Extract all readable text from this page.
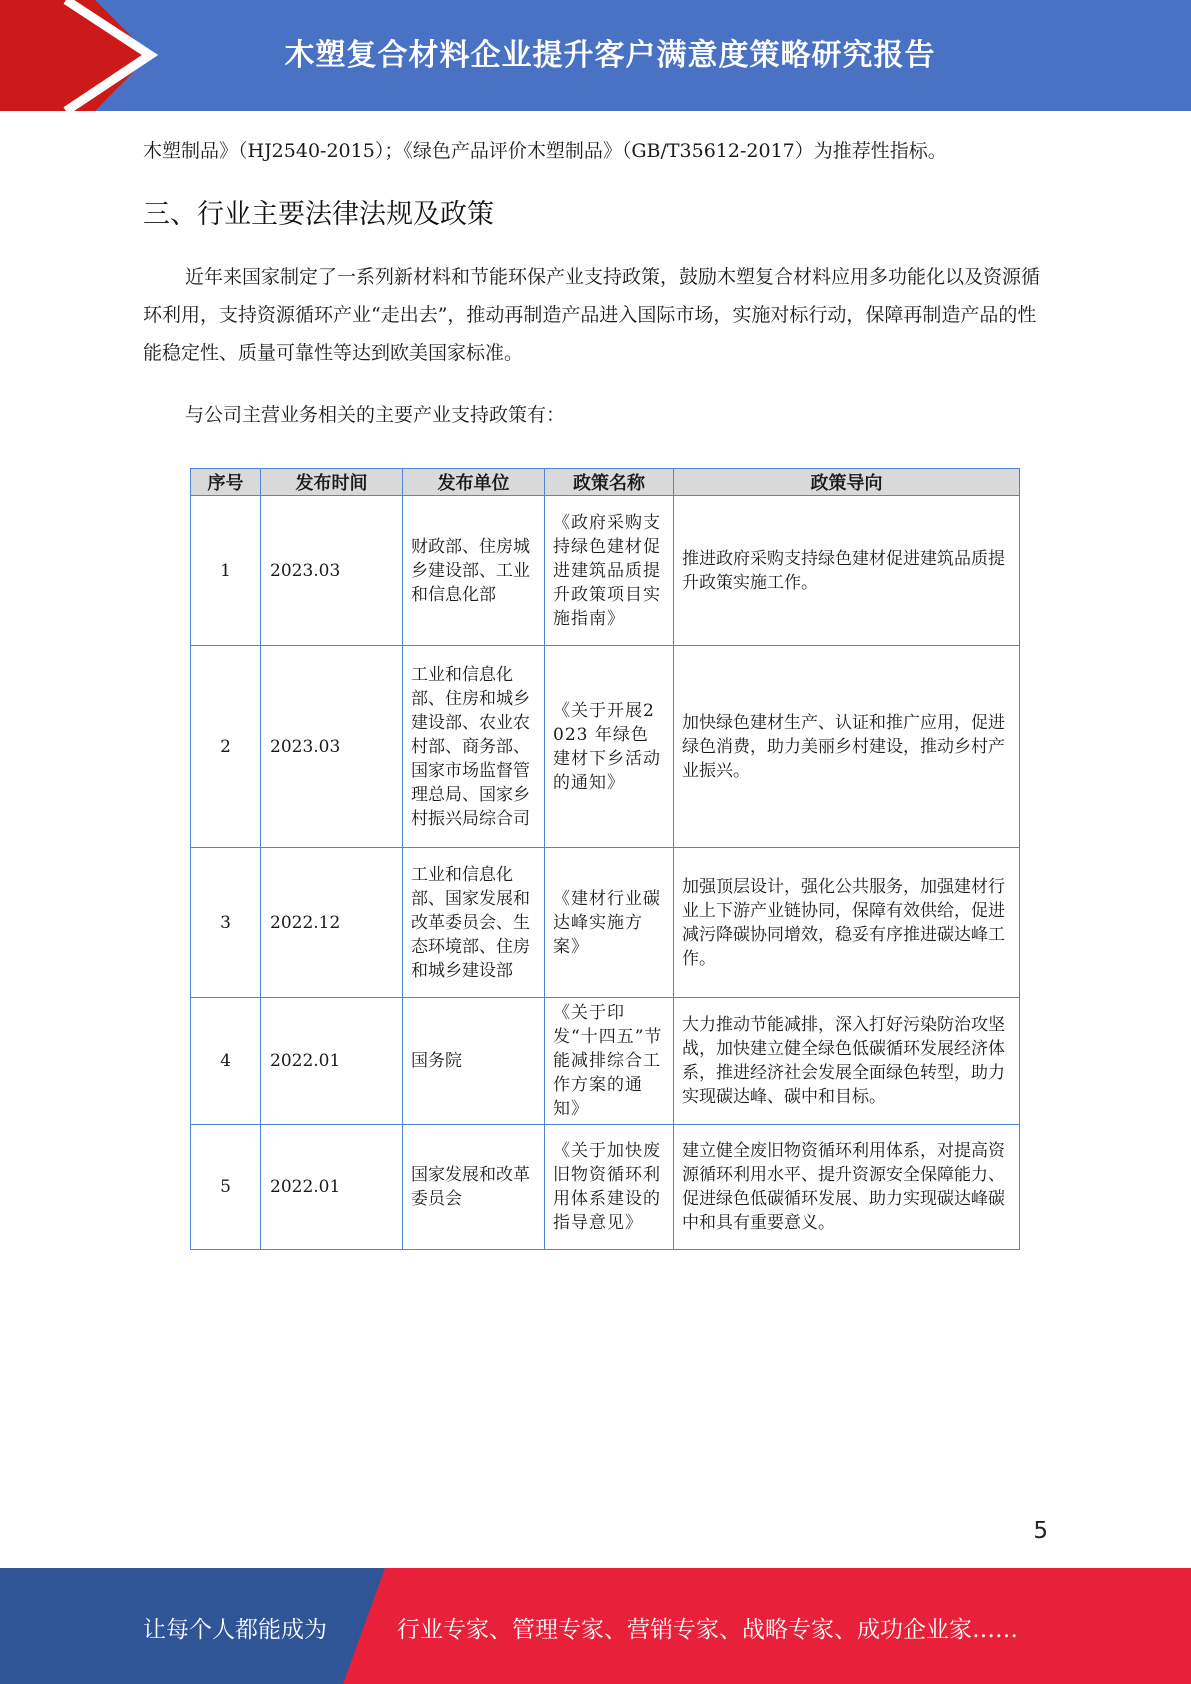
木塑复合材料企业提升客户满意度策略研究报告
木塑制品》（HJ2540-2015）；《绿色产品评价木塑制品》（GB/T35612-2017）为推荐性指标。
三、行业主要法律法规及政策
近年来国家制定了一系列新材料和节能环保产业支持政策，鼓励木塑复合材料应用多功能化以及资源循环利用，支持资源循环产业“走出去”，推动再制造产品进入国际市场，实施对标行动，保障再制造产品的性能稳定性、质量可靠性等达到欧美国家标准。
与公司主营业务相关的主要产业支持政策有：
序号	发布时间	发布单位	政策名称	政策导向
1	2023.03	财政部、住房城乡建设部、工业和信息化部	《政府采购支持绿色建材促进建筑品质提升政策项目实施指南》	推进政府采购支持绿色建材促进建筑品质提升政策实施工作。
2	2023.03	工业和信息化部、住房和城乡建设部、农业农村部、商务部、国家市场监督管理总局、国家乡村振兴局综合司	《关于开展2023 年绿色建材下乡活动的通知》	加快绿色建材生产、认证和推广应用，促进绿色消费，助力美丽乡村建设，推动乡村产业振兴。
3	2022.12	工业和信息化部、国家发展和改革委员会、生态环境部、住房和城乡建设部	《建材行业碳达峰实施方案》	加强顶层设计，强化公共服务，加强建材行业上下游产业链协同，保障有效供给，促进减污降碳协同增效，稳妥有序推进碳达峰工作。
4	2022.01	国务院	《关于印发“十四五”节能减排综合工作方案的通知》	大力推动节能减排，深入打好污染防治攻坚战，加快建立健全绿色低碳循环发展经济体系，推进经济社会发展全面绿色转型，助力实现碳达峰、碳中和目标。
5	2022.01	国家发展和改革委员会	《关于加快废旧物资循环利用体系建设的指导意见》	建立健全废旧物资循环利用体系，对提高资源循环利用水平、提升资源安全保障能力、促进绿色低碳循环发展、助力实现碳达峰碳中和具有重要意义。
5
让每个人都能成为	行业专家、管理专家、营销专家、战略专家、成功企业家……
